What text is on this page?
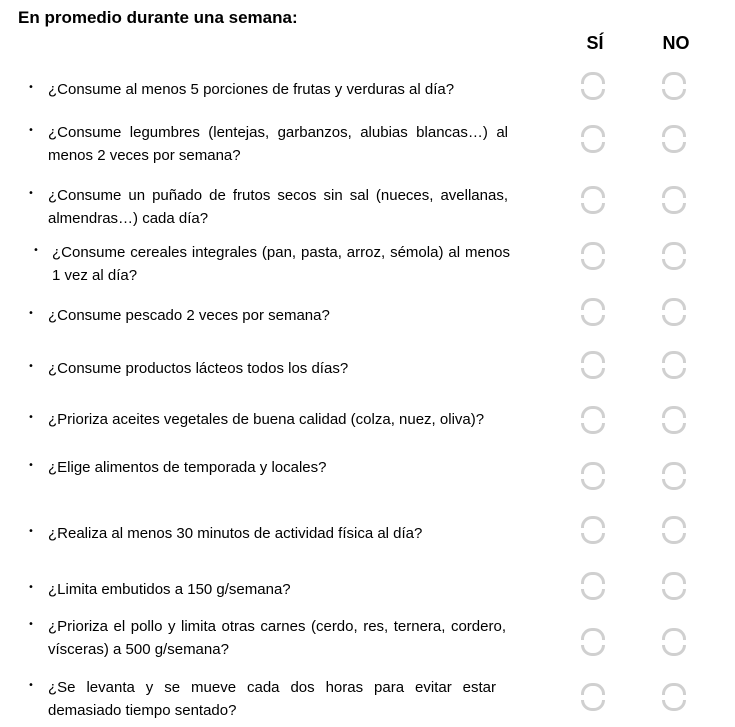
En promedio durante una semana:
SÍ	NO
• ¿Consume al menos 5 porciones de frutas y verduras al día?
• ¿Consume legumbres (lentejas, garbanzos, alubias blancas…) al menos 2 veces por semana?
• ¿Consume un puñado de frutos secos sin sal (nueces, avellanas, almendras…) cada día?
• ¿Consume cereales integrales (pan, pasta, arroz, sémola) al menos 1 vez al día?
• ¿Consume pescado 2 veces por semana?
• ¿Consume productos lácteos todos los días?
• ¿Prioriza aceites vegetales de buena calidad (colza, nuez, oliva)?
• ¿Elige alimentos de temporada y locales?
• ¿Realiza al menos 30 minutos de actividad física al día?
• ¿Limita embutidos a 150 g/semana?
• ¿Prioriza el pollo y limita otras carnes (cerdo, res, ternera, cordero, vísceras) a 500 g/semana?
• ¿Se levanta y se mueve cada dos horas para evitar estar demasiado tiempo sentado?
